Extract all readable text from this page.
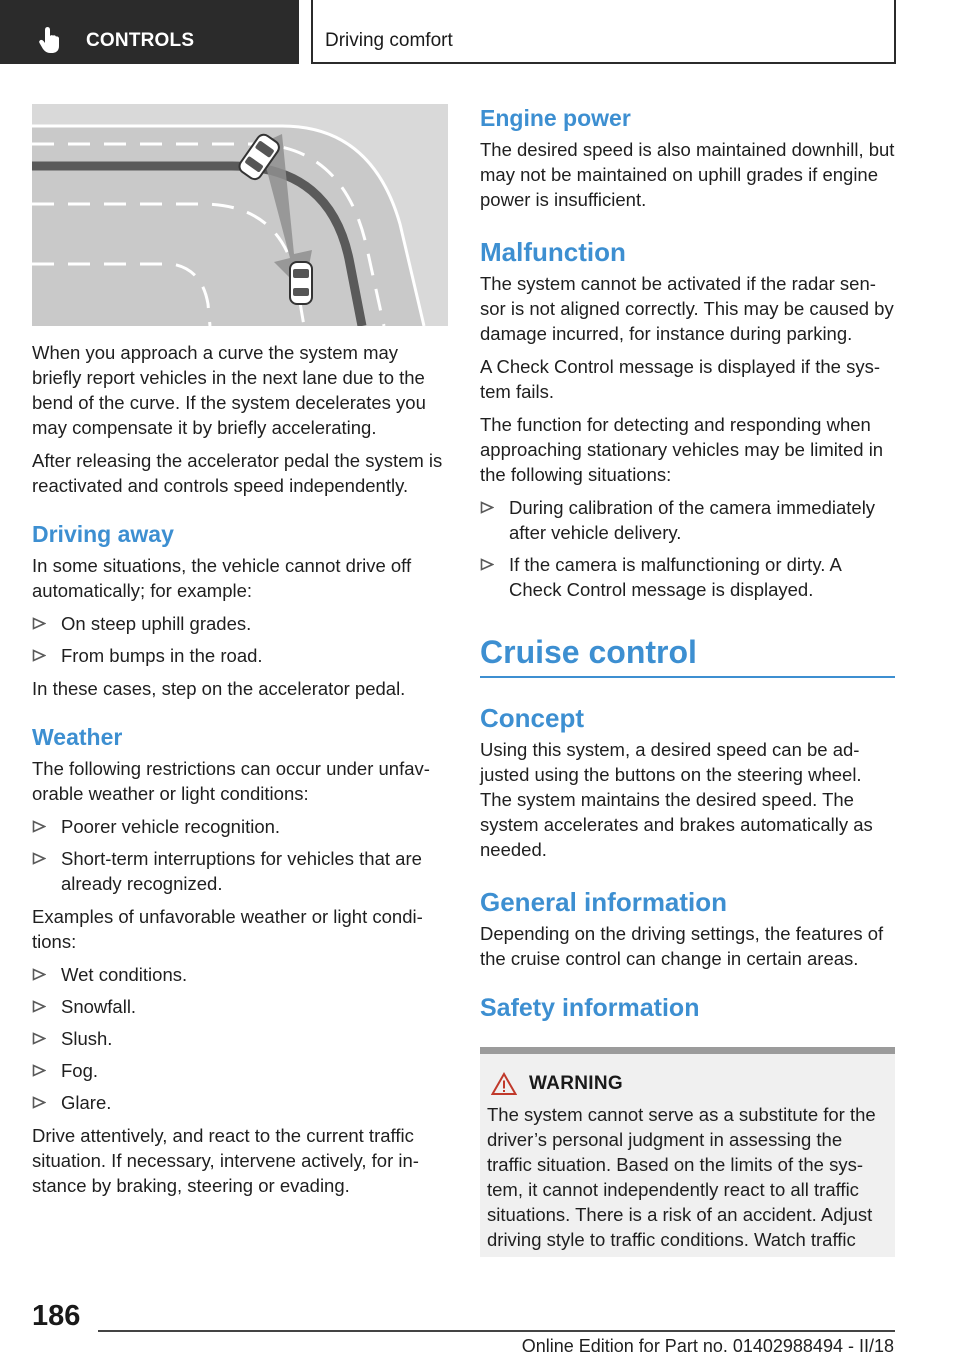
CONTROLS	Driving comfort

When you approach a curve the system may briefly report vehicles in the next lane due to the bend of the curve. If the system decelerates you may compensate it by briefly accelerating.

After releasing the accelerator pedal the system is reactivated and controls speed independently.

Driving away

In some situations, the vehicle cannot drive off automatically; for example:

On steep uphill grades.
From bumps in the road.

In these cases, step on the accelerator pedal.

Weather

The following restrictions can occur under unfavorable weather or light conditions:

Poorer vehicle recognition.
Short-term interruptions for vehicles that are already recognized.

Examples of unfavorable weather or light conditions:

Wet conditions.
Snowfall.
Slush.
Fog.
Glare.

Drive attentively, and react to the current traffic situation. If necessary, intervene actively, for instance by braking, steering or evading.

Engine power

The desired speed is also maintained downhill, but may not be maintained on uphill grades if engine power is insufficient.

Malfunction

The system cannot be activated if the radar sensor is not aligned correctly. This may be caused by damage incurred, for instance during parking.

A Check Control message is displayed if the system fails.

The function for detecting and responding when approaching stationary vehicles may be limited in the following situations:

During calibration of the camera immediately after vehicle delivery.
If the camera is malfunctioning or dirty. A Check Control message is displayed.
Cruise control
Concept

Using this system, a desired speed can be adjusted using the buttons on the steering wheel. The system maintains the desired speed. The system accelerates and brakes automatically as needed.

General information

Depending on the driving settings, the features of the cruise control can change in certain areas.

Safety information
WARNING

The system cannot serve as a substitute for the driver’s personal judgment in assessing the traffic situation. Based on the limits of the system, it cannot independently react to all traffic situations. There is a risk of an accident. Adjust driving style to traffic conditions. Watch traffic

186
Online Edition for Part no. 01402988494 - II/18
